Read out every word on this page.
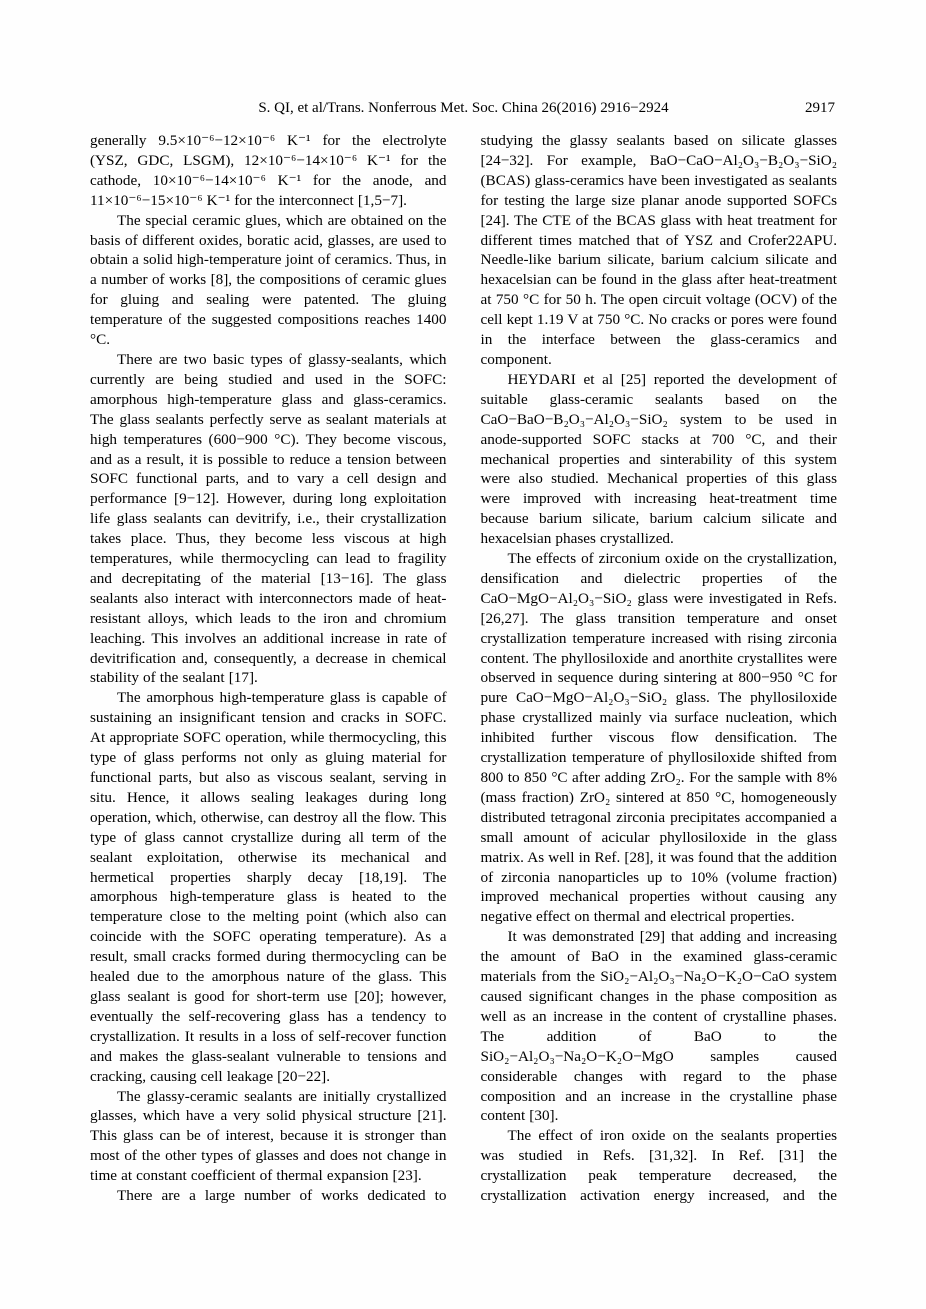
S. QI, et al/Trans. Nonferrous Met. Soc. China 26(2016) 2916−2924	2917

generally 9.5×10⁻⁶−12×10⁻⁶ K⁻¹ for the electrolyte (YSZ, GDC, LSGM), 12×10⁻⁶−14×10⁻⁶ K⁻¹ for the cathode, 10×10⁻⁶−14×10⁻⁶ K⁻¹ for the anode, and 11×10⁻⁶−15×10⁻⁶ K⁻¹ for the interconnect [1,5−7].

The special ceramic glues, which are obtained on the basis of different oxides, boratic acid, glasses, are used to obtain a solid high-temperature joint of ceramics. Thus, in a number of works [8], the compositions of ceramic glues for gluing and sealing were patented. The gluing temperature of the suggested compositions reaches 1400 °C.

There are two basic types of glassy-sealants, which currently are being studied and used in the SOFC: amorphous high-temperature glass and glass-ceramics. The glass sealants perfectly serve as sealant materials at high temperatures (600−900 °C). They become viscous, and as a result, it is possible to reduce a tension between SOFC functional parts, and to vary a cell design and performance [9−12]. However, during long exploitation life glass sealants can devitrify, i.e., their crystallization takes place. Thus, they become less viscous at high temperatures, while thermocycling can lead to fragility and decrepitating of the material [13−16]. The glass sealants also interact with interconnectors made of heat-resistant alloys, which leads to the iron and chromium leaching. This involves an additional increase in rate of devitrification and, consequently, a decrease in chemical stability of the sealant [17].

The amorphous high-temperature glass is capable of sustaining an insignificant tension and cracks in SOFC. At appropriate SOFC operation, while thermocycling, this type of glass performs not only as gluing material for functional parts, but also as viscous sealant, serving in situ. Hence, it allows sealing leakages during long operation, which, otherwise, can destroy all the flow. This type of glass cannot crystallize during all term of the sealant exploitation, otherwise its mechanical and hermetical properties sharply decay [18,19]. The amorphous high-temperature glass is heated to the temperature close to the melting point (which also can coincide with the SOFC operating temperature). As a result, small cracks formed during thermocycling can be healed due to the amorphous nature of the glass. This glass sealant is good for short-term use [20]; however, eventually the self-recovering glass has a tendency to crystallization. It results in a loss of self-recover function and makes the glass-sealant vulnerable to tensions and cracking, causing cell leakage [20−22].

The glassy-ceramic sealants are initially crystallized glasses, which have a very solid physical structure [21]. This glass can be of interest, because it is stronger than most of the other types of glasses and does not change in time at constant coefficient of thermal expansion [23].

There are a large number of works dedicated to

studying the glassy sealants based on silicate glasses [24−32]. For example, BaO−CaO−Al₂O₃−B₂O₃−SiO₂ (BCAS) glass-ceramics have been investigated as sealants for testing the large size planar anode supported SOFCs [24]. The CTE of the BCAS glass with heat treatment for different times matched that of YSZ and Crofer22APU. Needle-like barium silicate, barium calcium silicate and hexacelsian can be found in the glass after heat-treatment at 750 °C for 50 h. The open circuit voltage (OCV) of the cell kept 1.19 V at 750 °C. No cracks or pores were found in the interface between the glass-ceramics and component.

HEYDARI et al [25] reported the development of suitable glass-ceramic sealants based on the CaO−BaO−B₂O₃−Al₂O₃−SiO₂ system to be used in anode-supported SOFC stacks at 700 °C, and their mechanical properties and sinterability of this system were also studied. Mechanical properties of this glass were improved with increasing heat-treatment time because barium silicate, barium calcium silicate and hexacelsian phases crystallized.

The effects of zirconium oxide on the crystallization, densification and dielectric properties of the CaO−MgO−Al₂O₃−SiO₂ glass were investigated in Refs. [26,27]. The glass transition temperature and onset crystallization temperature increased with rising zirconia content. The phyllosiloxide and anorthite crystallites were observed in sequence during sintering at 800−950 °C for pure CaO−MgO−Al₂O₃−SiO₂ glass. The phyllosiloxide phase crystallized mainly via surface nucleation, which inhibited further viscous flow densification. The crystallization temperature of phyllosiloxide shifted from 800 to 850 °C after adding ZrO₂. For the sample with 8% (mass fraction) ZrO₂ sintered at 850 °C, homogeneously distributed tetragonal zirconia precipitates accompanied a small amount of acicular phyllosiloxide in the glass matrix. As well in Ref. [28], it was found that the addition of zirconia nanoparticles up to 10% (volume fraction) improved mechanical properties without causing any negative effect on thermal and electrical properties.

It was demonstrated [29] that adding and increasing the amount of BaO in the examined glass-ceramic materials from the SiO₂−Al₂O₃−Na₂O−K₂O−CaO system caused significant changes in the phase composition as well as an increase in the content of crystalline phases. The addition of BaO to the SiO₂−Al₂O₃−Na₂O−K₂O−MgO samples caused considerable changes with regard to the phase composition and an increase in the crystalline phase content [30].

The effect of iron oxide on the sealants properties was studied in Refs. [31,32]. In Ref. [31] the crystallization peak temperature decreased, the crystallization activation energy increased, and the
